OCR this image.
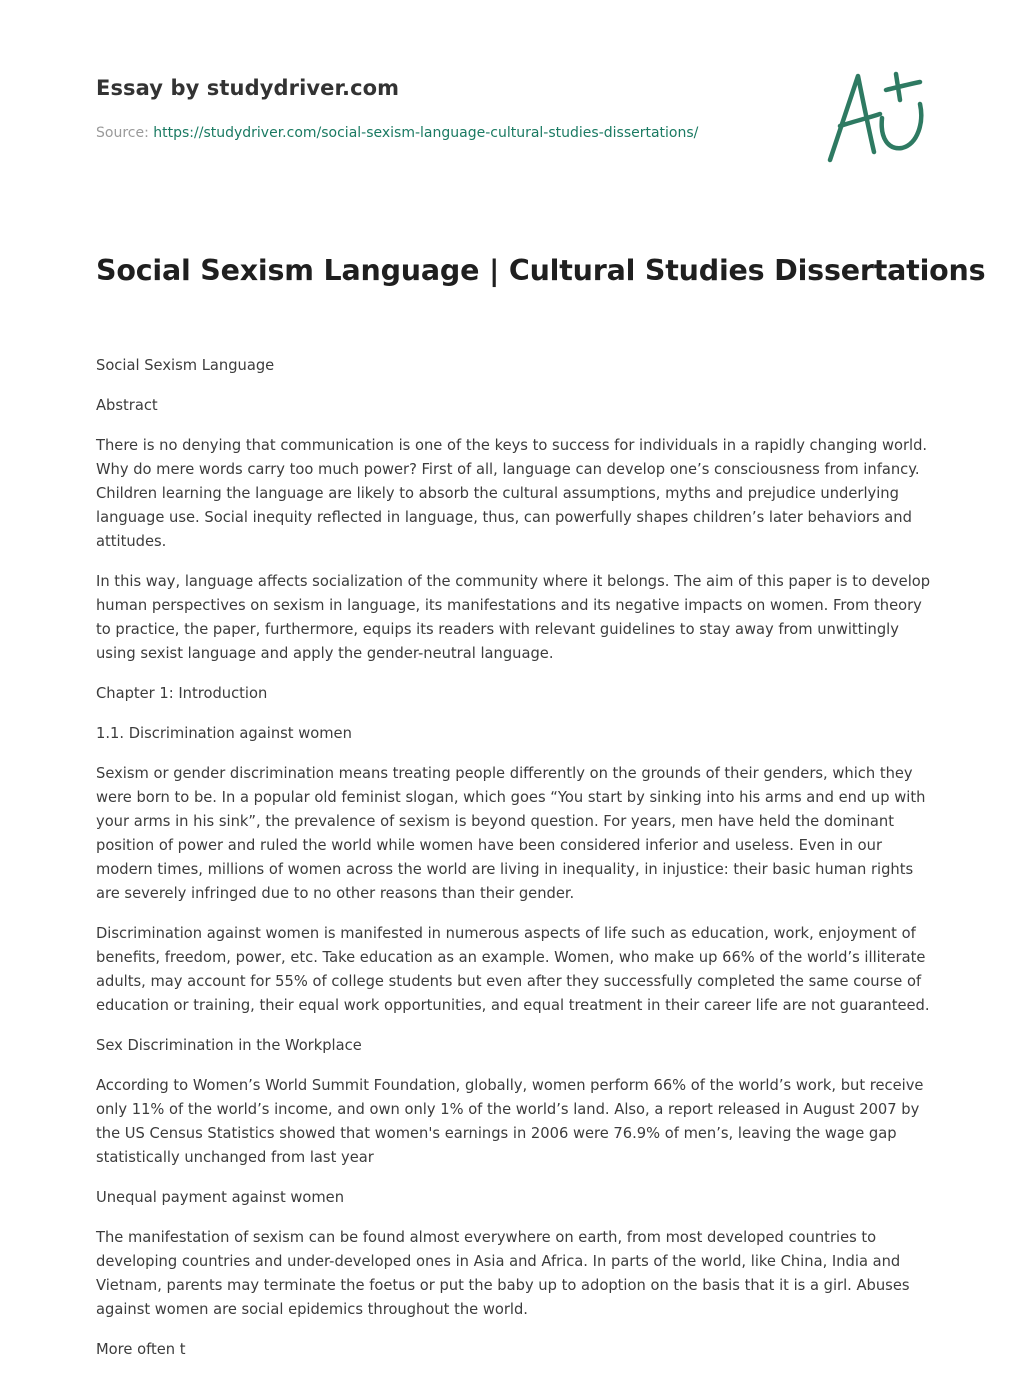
Essay by studydriver.com
Source: https://studydriver.com/social-sexism-language-cultural-studies-dissertations/
Social Sexism Language | Cultural Studies Dissertations

Social Sexism Language

Abstract

There is no denying that communication is one of the keys to success for individuals in a rapidly changing world. Why do mere words carry too much power? First of all, language can develop one’s consciousness from infancy. Children learning the language are likely to absorb the cultural assumptions, myths and prejudice underlying language use. Social inequity reflected in language, thus, can powerfully shapes children’s later behaviors and attitudes.

In this way, language affects socialization of the community where it belongs. The aim of this paper is to develop human perspectives on sexism in language, its manifestations and its negative impacts on women. From theory to practice, the paper, furthermore, equips its readers with relevant guidelines to stay away from unwittingly using sexist language and apply the gender-neutral language.

Chapter 1: Introduction

1.1. Discrimination against women

Sexism or gender discrimination means treating people differently on the grounds of their genders, which they were born to be. In a popular old feminist slogan, which goes “You start by sinking into his arms and end up with your arms in his sink”, the prevalence of sexism is beyond question. For years, men have held the dominant position of power and ruled the world while women have been considered inferior and useless. Even in our modern times, millions of women across the world are living in inequality, in injustice: their basic human rights are severely infringed due to no other reasons than their gender.

Discrimination against women is manifested in numerous aspects of life such as education, work, enjoyment of benefits, freedom, power, etc. Take education as an example. Women, who make up 66% of the world’s illiterate adults, may account for 55% of college students but even after they successfully completed the same course of education or training, their equal work opportunities, and equal treatment in their career life are not guaranteed.

Sex Discrimination in the Workplace

According to Women’s World Summit Foundation, globally, women perform 66% of the world’s work, but receive only 11% of the world’s income, and own only 1% of the world’s land. Also, a report released in August 2007 by the US Census Statistics showed that women's earnings in 2006 were 76.9% of men’s, leaving the wage gap statistically unchanged from last year

Unequal payment against women

The manifestation of sexism can be found almost everywhere on earth, from most developed countries to developing countries and under-developed ones in Asia and Africa. In parts of the world, like China, India and Vietnam, parents may terminate the foetus or put the baby up to adoption on the basis that it is a girl. Abuses against women are social epidemics throughout the world.

More often t
